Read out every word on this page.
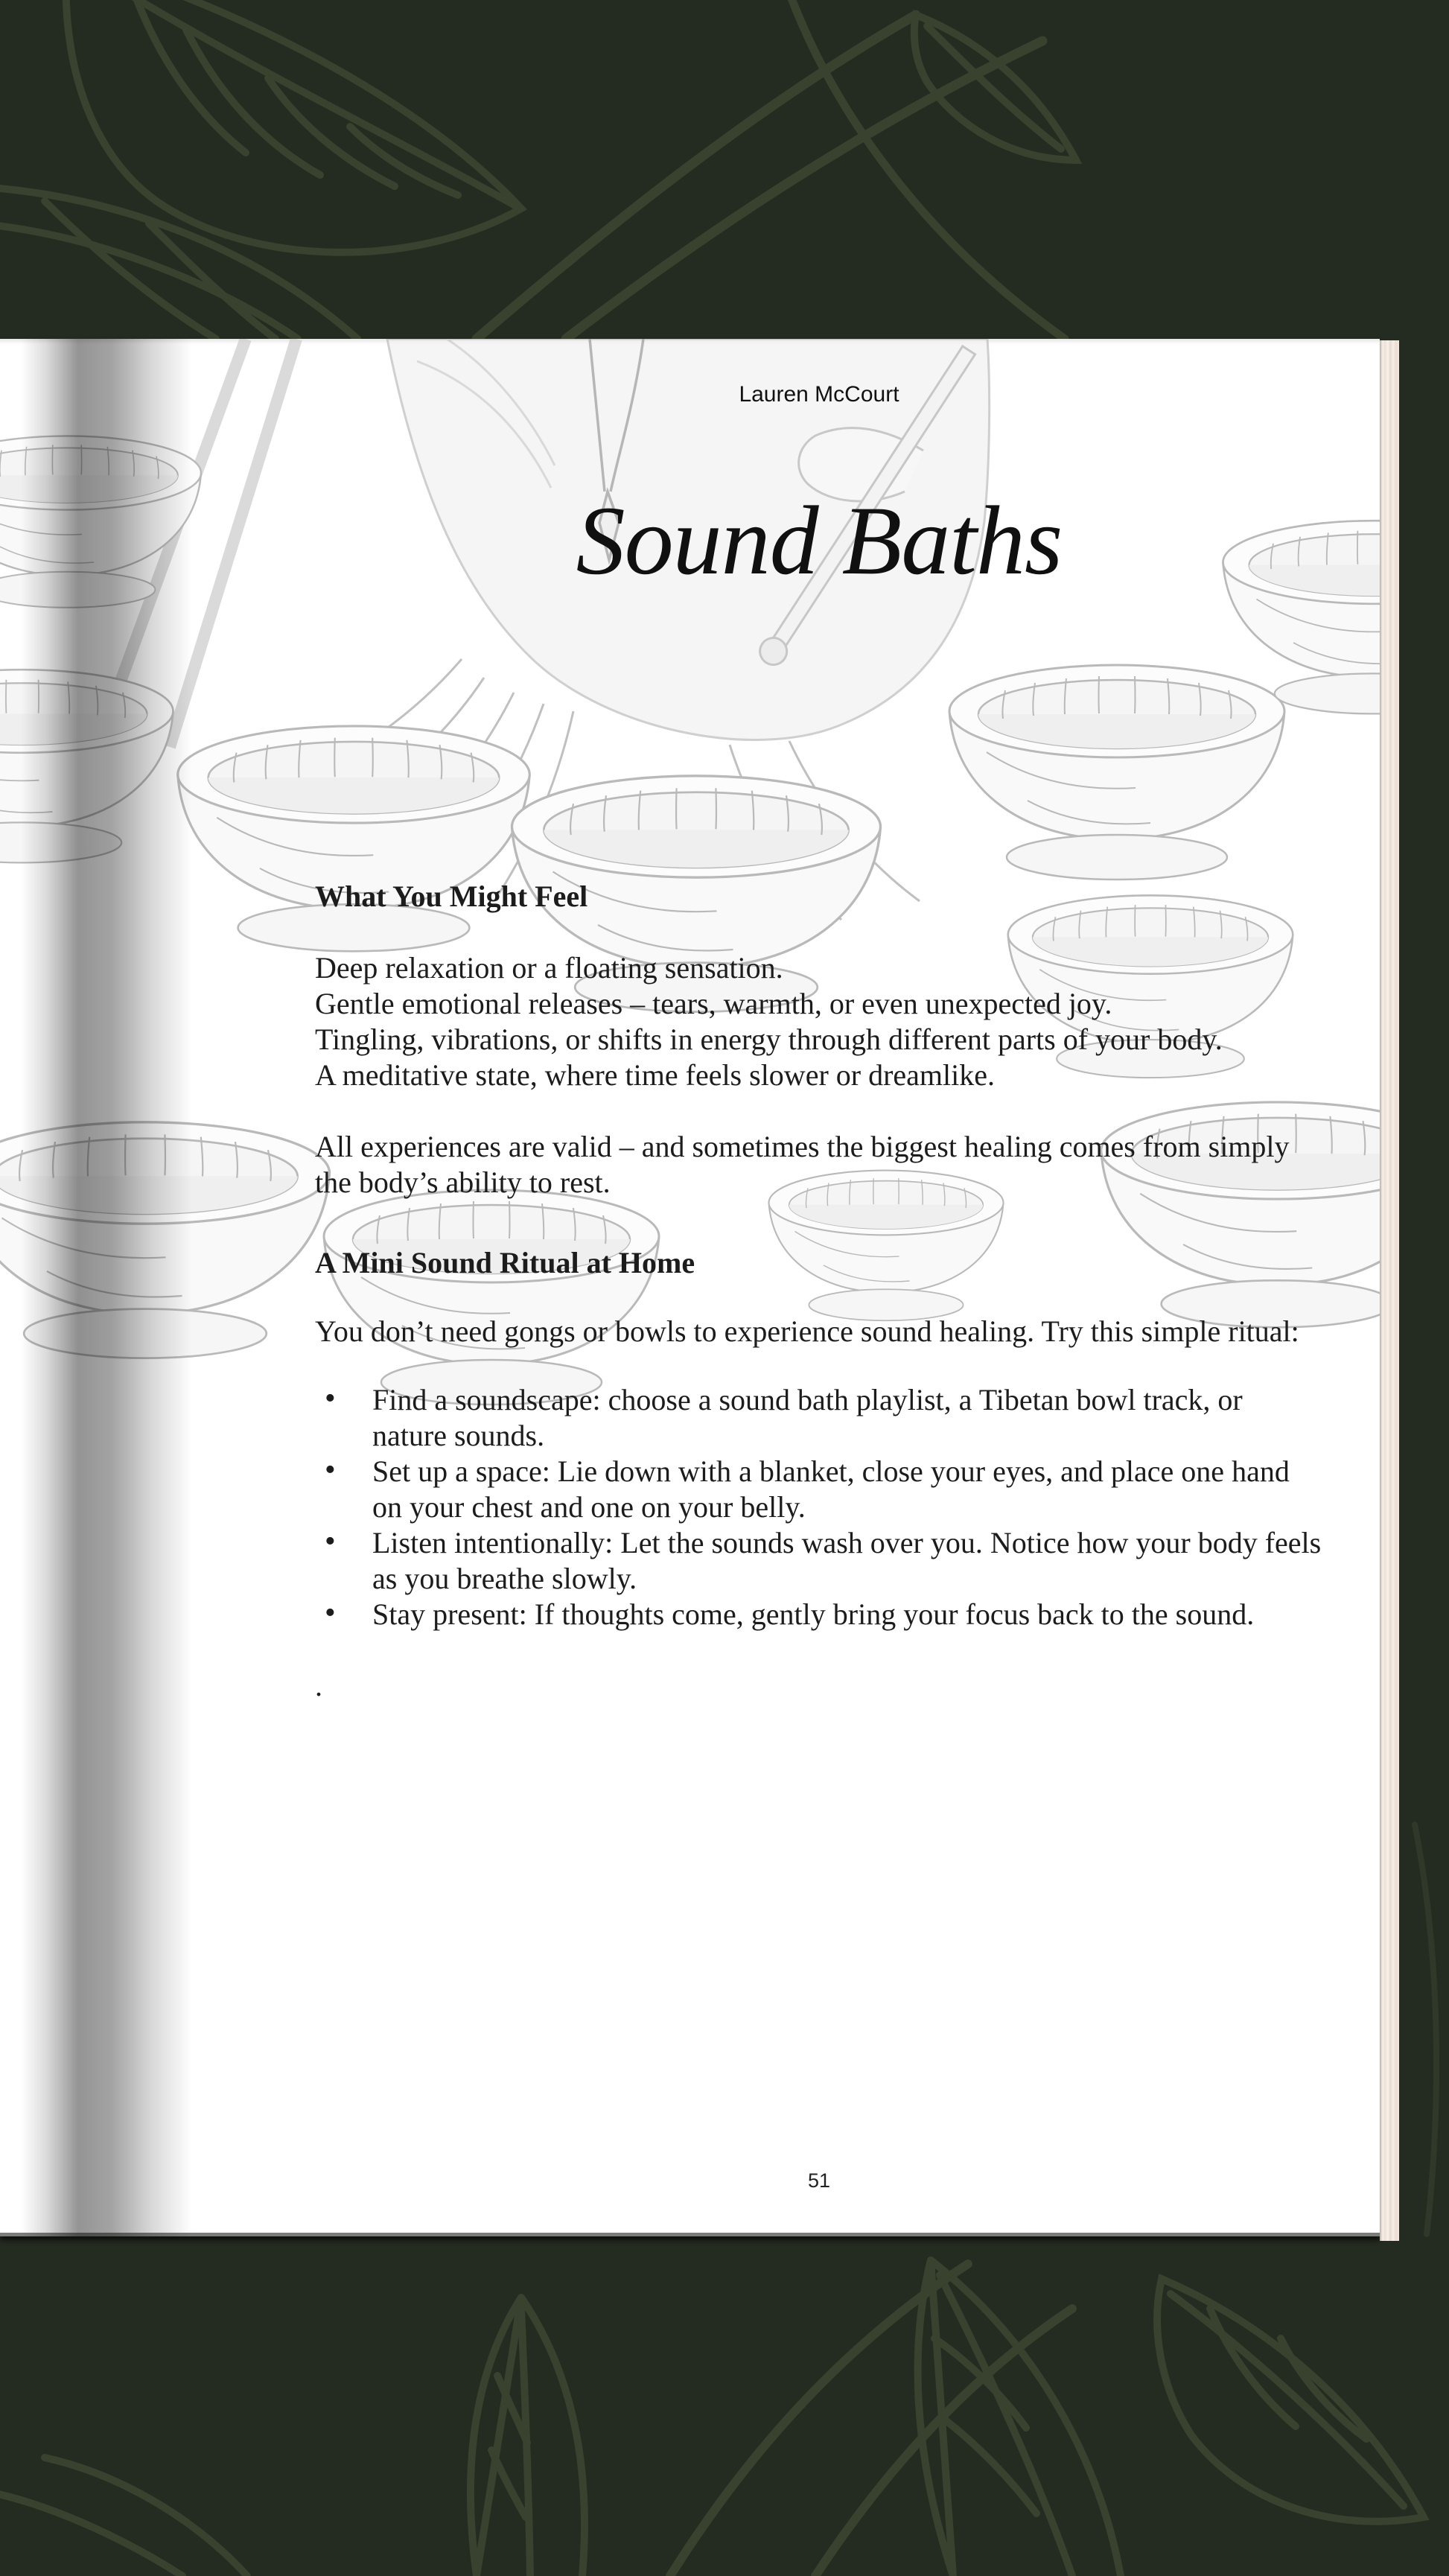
Lauren McCourt
Sound Baths
What You Might Feel
Deep relaxation or a floating sensation.
Gentle emotional releases – tears, warmth, or even unexpected joy.
Tingling, vibrations, or shifts in energy through different parts of your body.
A meditative state, where time feels slower or dreamlike.

All experiences are valid – and sometimes the biggest healing comes from simply the body’s ability to rest.

A Mini Sound Ritual at Home

You don’t need gongs or bowls to experience sound healing. Try this simple ritual:

• Find a soundscape: choose a sound bath playlist, a Tibetan bowl track, or nature sounds.
• Set up a space: Lie down with a blanket, close your eyes, and place one hand on your chest and one on your belly.
• Listen intentionally: Let the sounds wash over you. Notice how your body feels as you breathe slowly.
• Stay present: If thoughts come, gently bring your focus back to the sound.
.
51
